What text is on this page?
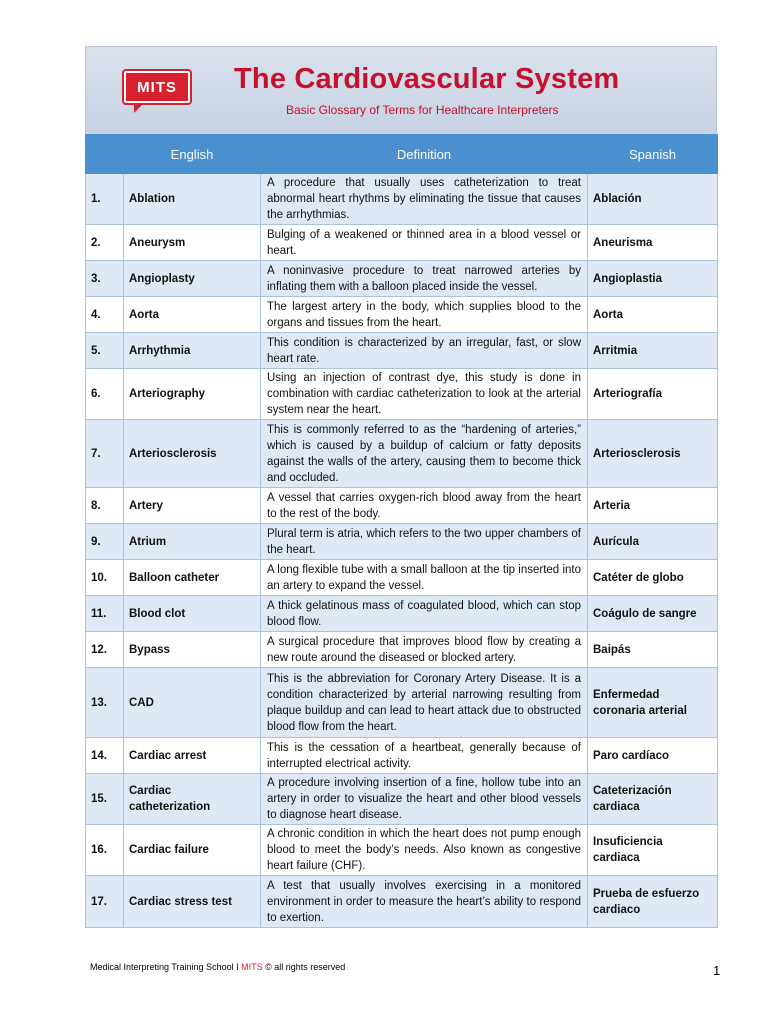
MITS	The Cardiovascular System
Basic Glossary of Terms for Healthcare Interpreters
	English	Definition	Spanish
1.	Ablation	A procedure that usually uses catheterization to treat abnormal heart rhythms by eliminating the tissue that causes the arrhythmias.	Ablación
2.	Aneurysm	Bulging of a weakened or thinned area in a blood vessel or heart.	Aneurisma
3.	Angioplasty	A noninvasive procedure to treat narrowed arteries by inflating them with a balloon placed inside the vessel.	Angioplastia
4.	Aorta	The largest artery in the body, which supplies blood to the organs and tissues from the heart.	Aorta
5.	Arrhythmia	This condition is characterized by an irregular, fast, or slow heart rate.	Arritmia
6.	Arteriography	Using an injection of contrast dye, this study is done in combination with cardiac catheterization to look at the arterial system near the heart.	Arteriografía
7.	Arteriosclerosis	This is commonly referred to as the “hardening of arteries,” which is caused by a buildup of calcium or fatty deposits against the walls of the artery, causing them to become thick and occluded.	Arteriosclerosis
8.	Artery	A vessel that carries oxygen-rich blood away from the heart to the rest of the body.	Arteria
9.	Atrium	Plural term is atria, which refers to the two upper chambers of the heart.	Aurícula
10.	Balloon catheter	A long flexible tube with a small balloon at the tip inserted into an artery to expand the vessel.	Catéter de globo
11.	Blood clot	A thick gelatinous mass of coagulated blood, which can stop blood flow.	Coágulo de sangre
12.	Bypass	A surgical procedure that improves blood flow by creating a new route around the diseased or blocked artery.	Baipás
13.	CAD	This is the abbreviation for Coronary Artery Disease. It is a condition characterized by arterial narrowing resulting from plaque buildup and can lead to heart attack due to obstructed blood flow from the heart.	Enfermedad coronaria arterial
14.	Cardiac arrest	This is the cessation of a heartbeat, generally because of interrupted electrical activity.	Paro cardíaco
15.	Cardiac catheterization	A procedure involving insertion of a fine, hollow tube into an artery in order to visualize the heart and other blood vessels to diagnose heart disease.	Cateterización cardiaca
16.	Cardiac failure	A chronic condition in which the heart does not pump enough blood to meet the body’s needs. Also known as congestive heart failure (CHF).	Insuficiencia cardiaca
17.	Cardiac stress test	A test that usually involves exercising in a monitored environment in order to measure the heart’s ability to respond to exertion.	Prueba de esfuerzo cardiaco
Medical Interpreting Training School I MITS © all rights reserved	1
